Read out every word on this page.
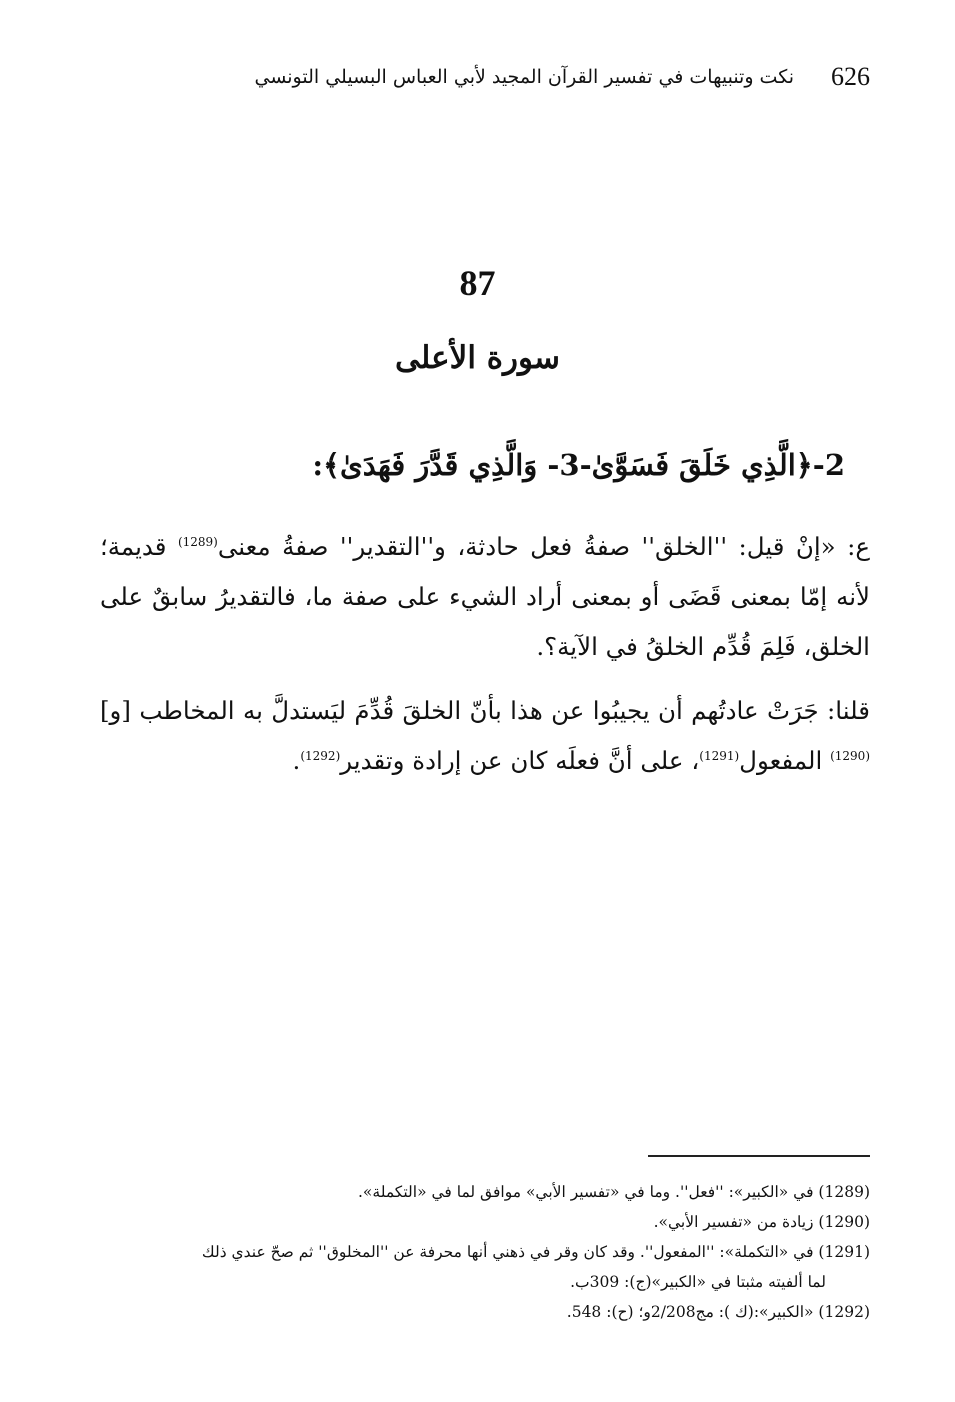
626
نكت وتنبيهات في تفسير القرآن المجيد لأبي العباس البسيلي التونسي
87
سورة الأعلى
2-﴿الَّذِي خَلَقَ فَسَوَّىٰ-3- وَالَّذِي قَدَّرَ فَهَدَىٰ﴾:

ع: «إنْ قيل: ''الخلق'' صفةُ فعل حادثة، و''التقدير'' صفةُ معنى$^{(1289)}$ قديمة؛ لأنه إمّا بمعنى قَضَى أو بمعنى أراد الشيء على صفة ما، فالتقديرُ سابقٌ على الخلق، فَلِمَ قُدِّم الخلقُ في الآية؟.

قلنا: جَرَتْ عادتُهم أن يجيبُوا عن هذا بأنّ الخلقَ قُدِّمَ ليَستدلَّ به المخاطب [و]$^{(1290)}$ المفعول$^{(1291)}$، على أنَّ فعلَه كان عن إرادة وتقدير$^{(1292)}$.

(1289) في «الكبير»: ''فعل''. وما في «تفسير الأبي» موافق لما في «التكملة».
(1290) زيادة من «تفسير الأبي».
(1291) في «التكملة»: ''المفعول''. وقد كان وقر في ذهني أنها محرفة عن ''المخلوق'' ثم صحّ عندي ذلك
لما ألفيته مثبتا في «الكبير»(ج): 309ب.
(1292) «الكبير»:(ك ): مج2/208و؛ (ح): 548.
